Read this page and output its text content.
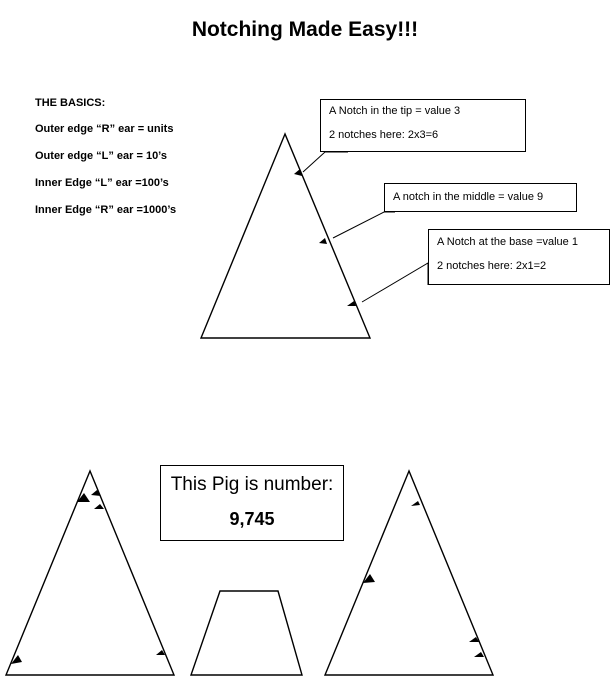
Notching Made Easy!!!

THE BASICS:

Outer edge “R” ear = units

Outer edge “L” ear = 10’s

Inner Edge “L” ear =100’s

Inner Edge “R” ear =1000’s

A Notch in the tip = value 3

2 notches here: 2x3=6

A notch in the middle = value 9

A Notch at the base =value 1

2 notches here: 2x1=2

This Pig is number:

9,745
